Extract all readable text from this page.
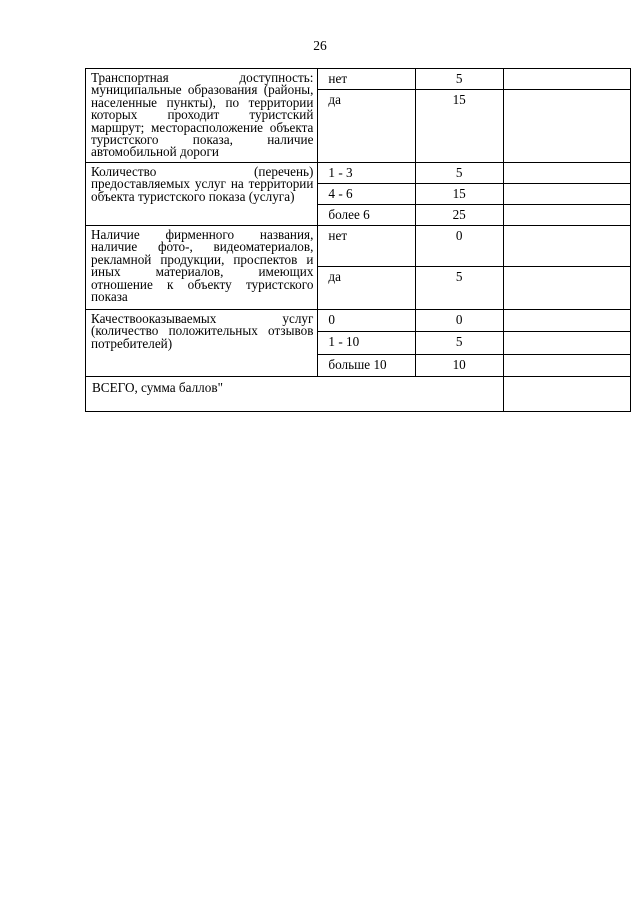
26
Транспортная доступность: муниципальные образования (районы, населенные пункты), по территории которых проходит туристский маршрут; месторасположение объекта туристского показа, наличие автомобильной дороги	нет	5	
	да	15	
Количество (перечень) предоставляемых услуг на территории объекта туристского показа (услуга)	1 - 3	5	
	4 - 6	15	
	более 6	25	
Наличие фирменного названия, наличие фото-, видеоматериалов, рекламной продукции, проспектов и иных материалов, имеющих отношение к объекту туристского показа	нет	0	
	да	5	
Качествооказываемых услуг (количество положительных отзывов потребителей)	0	0	
	1 - 10	5	
	больше 10	10	
ВСЕГО, сумма баллов"			
